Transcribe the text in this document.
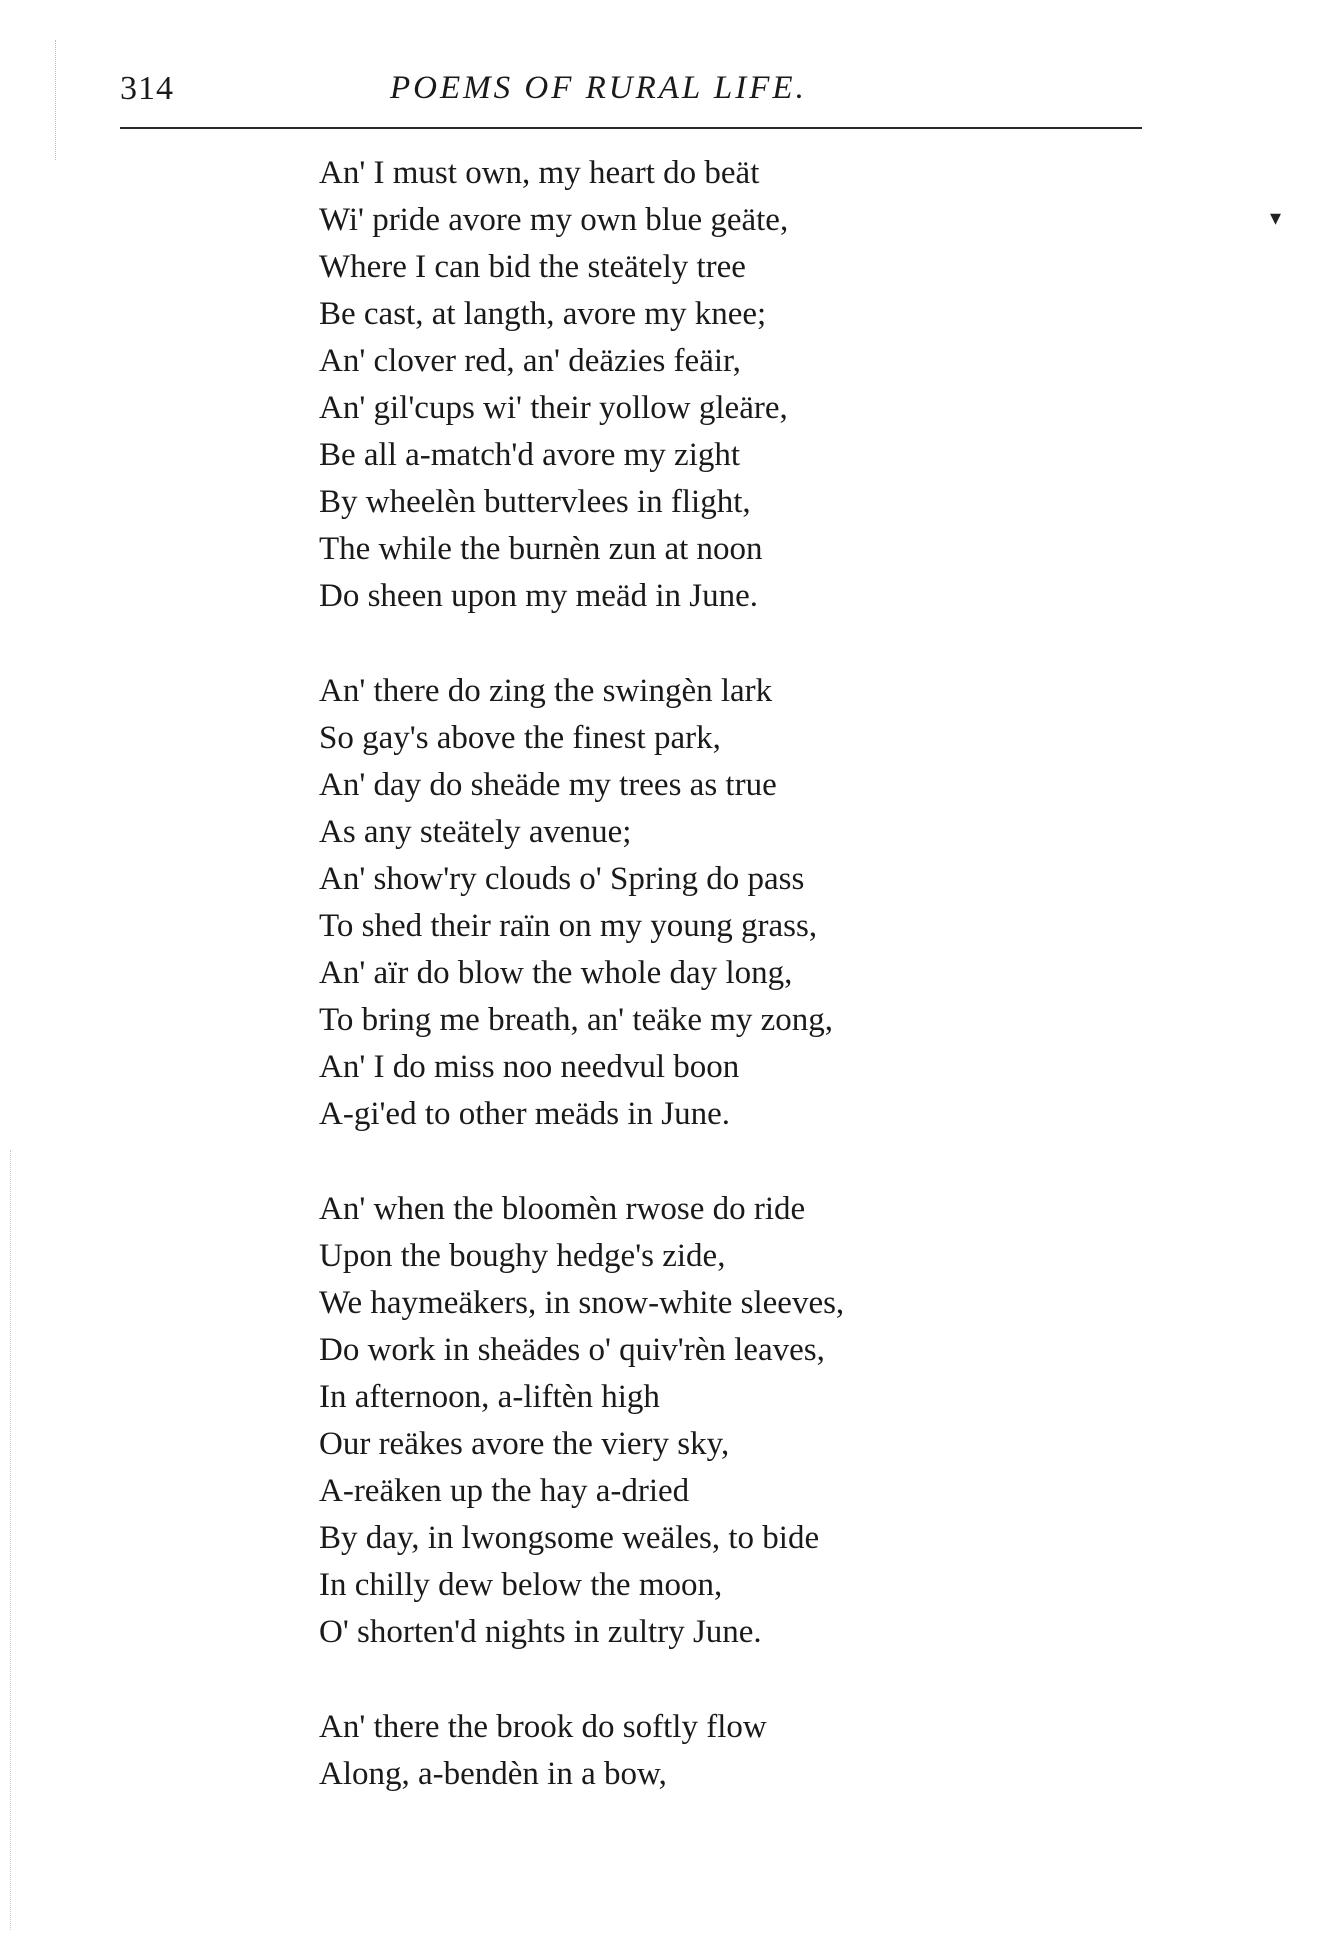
314	POEMS OF RURAL LIFE.
▾
An' I must own, my heart do beät
Wi' pride avore my own blue geäte,
Where I can bid the steätely tree
Be cast, at langth, avore my knee;
An' clover red, an' deäzies feäir,
An' gil'cups wi' their yollow gleäre,
Be all a-match'd avore my zight
By wheelèn buttervlees in flight,
The while the burnèn zun at noon
Do sheen upon my meäd in June.
An' there do zing the swingèn lark
So gay's above the finest park,
An' day do sheäde my trees as true
As any steätely avenue;
An' show'ry clouds o' Spring do pass
To shed their raïn on my young grass,
An' aïr do blow the whole day long,
To bring me breath, an' teäke my zong,
An' I do miss noo needvul boon
A-gi'ed to other meäds in June.
An' when the bloomèn rwose do ride
Upon the boughy hedge's zide,
We haymeäkers, in snow-white sleeves,
Do work in sheädes o' quiv'rèn leaves,
In afternoon, a-liftèn high
Our reäkes avore the viery sky,
A-reäken up the hay a-dried
By day, in lwongsome weäles, to bide
In chilly dew below the moon,
O' shorten'd nights in zultry June.
An' there the brook do softly flow
Along, a-bendèn in a bow,
